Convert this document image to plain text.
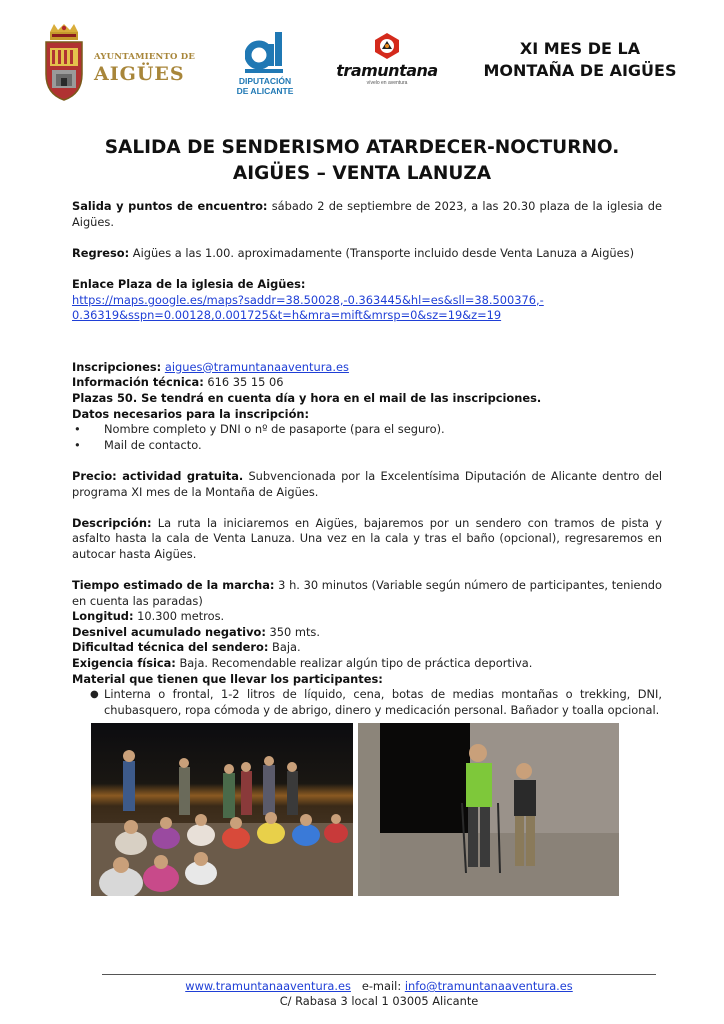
AYUNTAMIENTO DE
AIGÜES	DIPUTACIÓN
DE ALICANTE
tramuntana
vívelo en aventura
XI MES DE LA
MONTAÑA DE AIGÜES
SALIDA DE SENDERISMO ATARDECER-NOCTURNO.
AIGÜES – VENTA LANUZA

Salida y puntos de encuentro: sábado 2 de septiembre de 2023, a las 20.30 plaza de la iglesia de Aigües.

Regreso: Aigües a las 1.00. aproximadamente (Transporte incluido desde Venta Lanuza a Aigües)

Enlace Plaza de la iglesia de Aigües:

https://maps.google.es/maps?saddr=38.50028,-0.363445&hl=es&sll=38.500376,-

0.36319&sspn=0.00128,0.001725&t=h&mra=mift&mrsp=0&sz=19&z=19

Inscripciones: aigues@tramuntanaaventura.es

Información técnica: 616 35 15 06

Plazas 50. Se tendrá en cuenta día y hora en el mail de las inscripciones.

Datos necesarios para la inscripción:

• Nombre completo y DNI o nº de pasaporte (para el seguro).
• Mail de contacto.

Precio: actividad gratuita. Subvencionada por la Excelentísima Diputación de Alicante dentro del programa XI mes de la Montaña de Aigües.

Descripción: La ruta la iniciaremos en Aigües, bajaremos por un sendero con tramos de pista y asfalto hasta la cala de Venta Lanuza. Una vez en la cala y tras el baño (opcional), regresaremos en autocar hasta Aigües.

Tiempo estimado de la marcha: 3 h. 30 minutos (Variable según número de participantes, teniendo en cuenta las paradas)

Longitud: 10.300 metros.

Desnivel acumulado negativo: 350 mts.

Dificultad técnica del sendero: Baja.

Exigencia física: Baja. Recomendable realizar algún tipo de práctica deportiva.

Material que tienen que llevar los participantes:

● Linterna o frontal, 1-2 litros de líquido, cena, botas de medias montañas o trekking, DNI, chubasquero, ropa cómoda y de abrigo, dinero y medicación personal. Bañador y toalla opcional.
www.tramuntanaaventura.es   e-mail: info@tramuntanaaventura.es
C/ Rabasa 3 local 1 03005 Alicante
